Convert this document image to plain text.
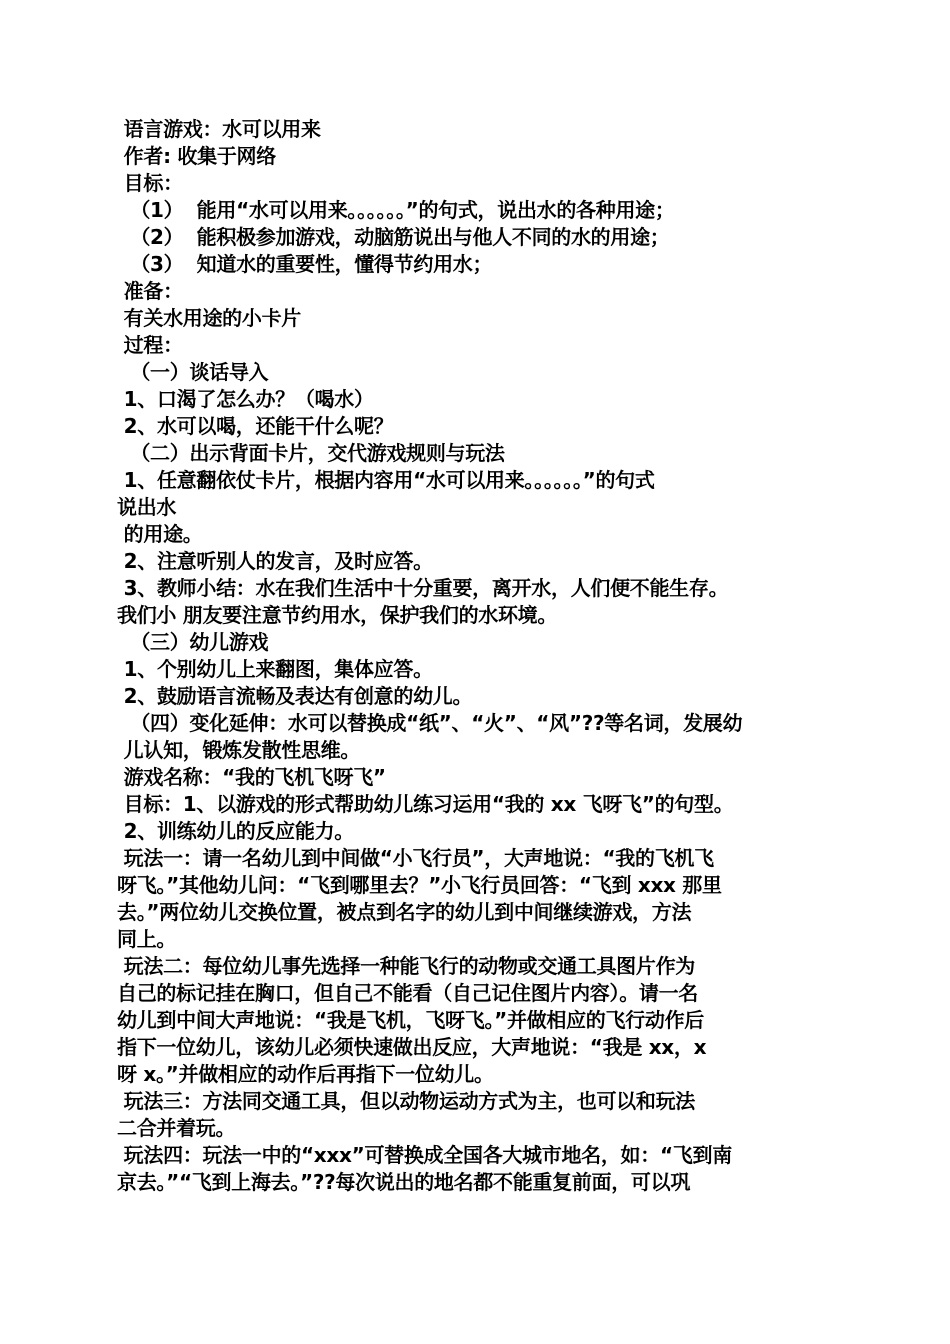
语言游戏：水可以用来
作者: 收集于网络
目标：
（1）  能用“水可以用来。。。。。。”的句式，说出水的各种用途；
（2）  能积极参加游戏，动脑筋说出与他人不同的水的用途；
（3）  知道水的重要性，懂得节约用水；
准备：
有关水用途的小卡片
过程：
（一）谈话导入
1、口渴了怎么办？（喝水）
2、水可以喝，还能干什么呢？
（二）出示背面卡片，交代游戏规则与玩法
1、任意翻依仗卡片，根据内容用“水可以用来。。。。。。”的句式
说出水
的用途。
2、注意听别人的发言，及时应答。
3、教师小结：水在我们生活中十分重要，离开水，人们便不能生存。
我们小 朋友要注意节约用水，保护我们的水环境。
（三）幼儿游戏
1、个别幼儿上来翻图，集体应答。
2、鼓励语言流畅及表达有创意的幼儿。
（四）变化延伸：水可以替换成“纸”、“火”、“风”??等名词，发展幼
儿认知，锻炼发散性思维。
游戏名称：“我的飞机飞呀飞”
目标：1、以游戏的形式帮助幼儿练习运用“我的 xx 飞呀飞”的句型。
2、训练幼儿的反应能力。
玩法一：请一名幼儿到中间做“小飞行员”，大声地说：“我的飞机飞
呀飞。”其他幼儿问：“飞到哪里去？”小飞行员回答：“飞到 xxx 那里
去。”两位幼儿交换位置，被点到名字的幼儿到中间继续游戏，方法
同上。
玩法二：每位幼儿事先选择一种能飞行的动物或交通工具图片作为
自己的标记挂在胸口，但自己不能看（自己记住图片内容）。请一名
幼儿到中间大声地说：“我是飞机，飞呀飞。”并做相应的飞行动作后
指下一位幼儿，该幼儿必须快速做出反应，大声地说：“我是 xx，x
呀 x。”并做相应的动作后再指下一位幼儿。
玩法三：方法同交通工具，但以动物运动方式为主，也可以和玩法
二合并着玩。
玩法四：玩法一中的“xxx”可替换成全国各大城市地名，如：“飞到南
京去。”“飞到上海去。”??每次说出的地名都不能重复前面，可以巩
